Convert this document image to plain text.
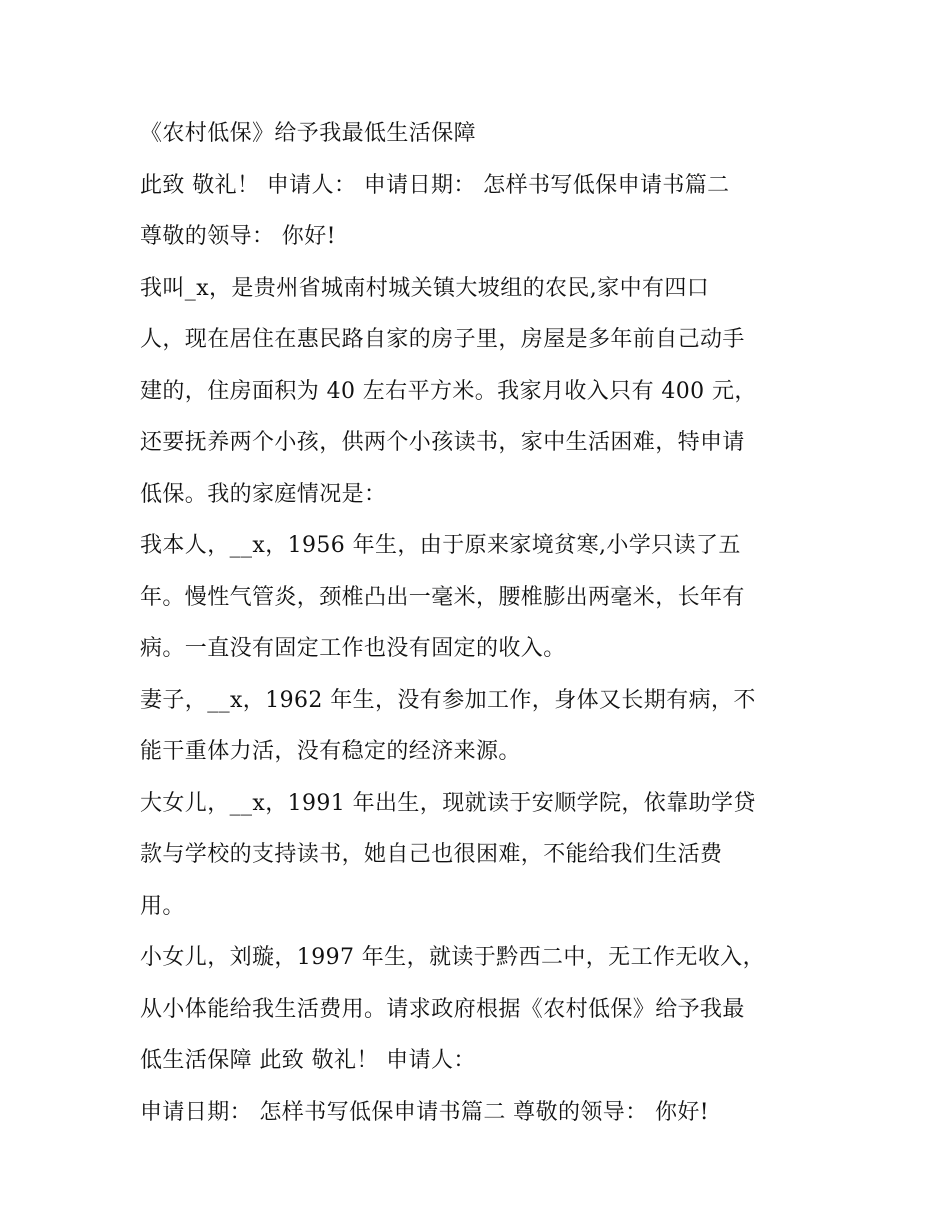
《农村低保》给予我最低生活保障
此致 敬礼！ 申请人： 申请日期： 怎样书写低保申请书篇二
尊敬的领导： 你好!
我叫_x，是贵州省城南村城关镇大坡组的农民,家中有四口
人，现在居住在惠民路自家的房子里，房屋是多年前自己动手
建的，住房面积为 40 左右平方米。我家月收入只有 400 元，
还要抚养两个小孩，供两个小孩读书，家中生活困难，特申请
低保。我的家庭情况是：
我本人，__x，1956 年生，由于原来家境贫寒,小学只读了五
年。慢性气管炎，颈椎凸出一毫米，腰椎膨出两毫米，长年有
病。一直没有固定工作也没有固定的收入。
妻子，__x，1962 年生，没有参加工作，身体又长期有病，不
能干重体力活，没有稳定的经济来源。
大女儿，__x，1991 年出生，现就读于安顺学院，依靠助学贷
款与学校的支持读书，她自己也很困难，不能给我们生活费
用。
小女儿，刘璇，1997 年生，就读于黔西二中，无工作无收入，
从小体能给我生活费用。请求政府根据《农村低保》给予我最
低生活保障 此致 敬礼！ 申请人：
申请日期： 怎样书写低保申请书篇二 尊敬的领导： 你好!
